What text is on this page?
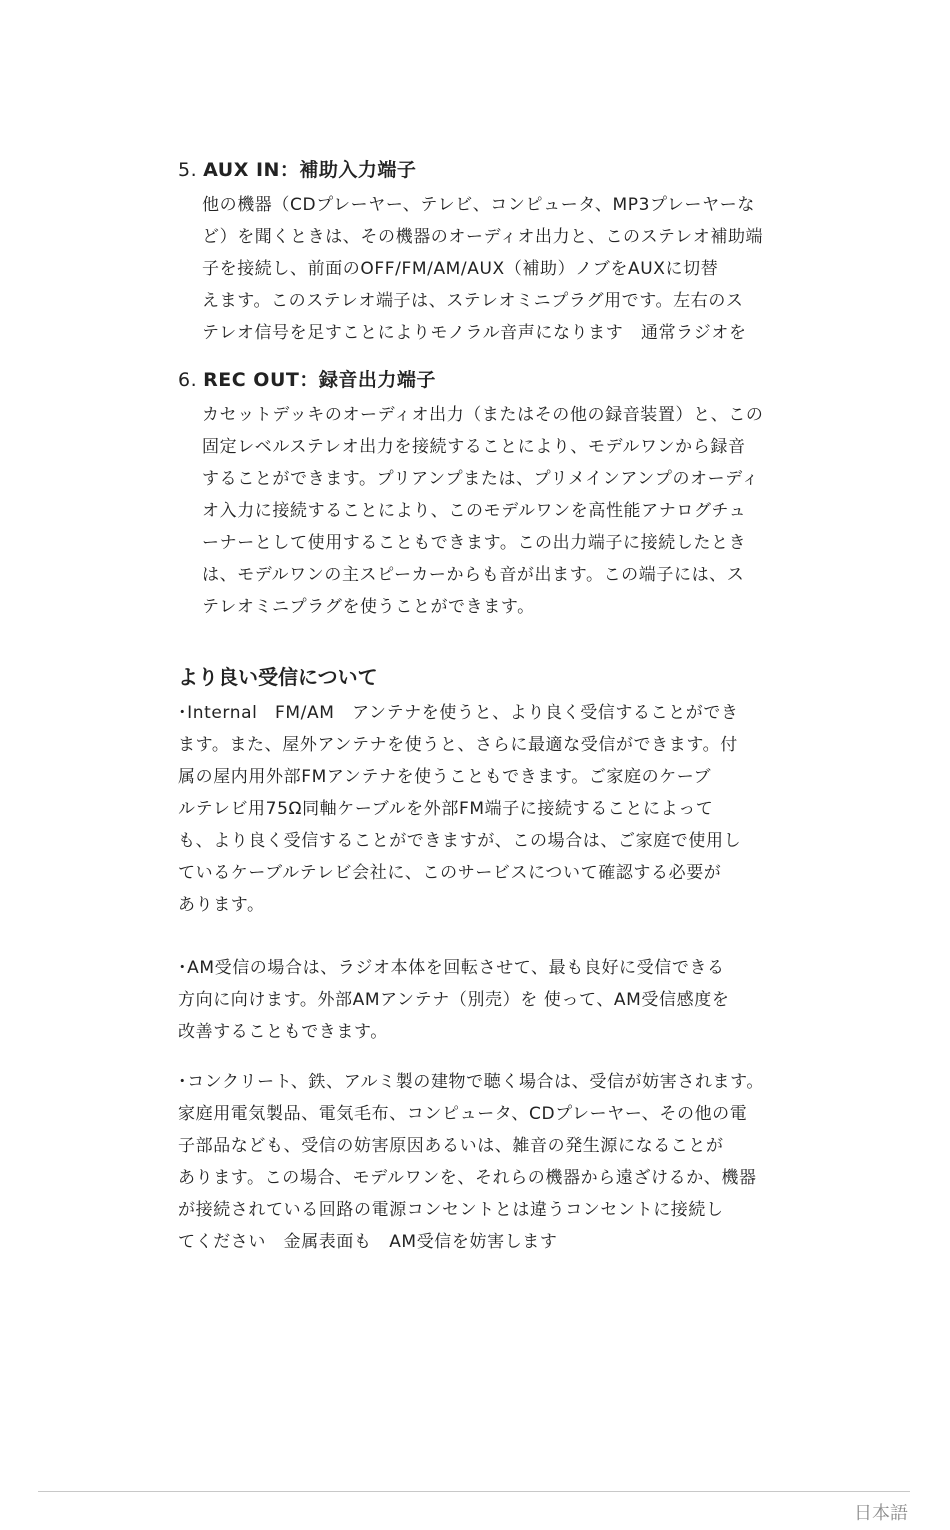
5. AUX IN：補助入力端子
他の機器（CDプレーヤー、テレビ、コンピュータ、MP3プレーヤーな
ど）を聞くときは、その機器のオーディオ出力と、このステレオ補助端
子を接続し、前面のOFF/FM/AM/AUX（補助）ノブをAUXに切替
えます。このステレオ端子は、ステレオミニプラグ用です。左右のス
テレオ信号を足すことによりモノラル音声になります　通常ラジオを
6. REC OUT：録音出力端子
カセットデッキのオーディオ出力（またはその他の録音装置）と、この
固定レベルステレオ出力を接続することにより、モデルワンから録音
することができます。プリアンプまたは、プリメインアンプのオーディ
オ入力に接続することにより、このモデルワンを高性能アナログチュ
ーナーとして使用することもできます。この出力端子に接続したとき
は、モデルワンの主スピーカーからも音が出ます。この端子には、ス
テレオミニプラグを使うことができます。
より良い受信について
･Internal　FM/AM　アンテナを使うと、より良く受信することができ
ます。また、屋外アンテナを使うと、さらに最適な受信ができます。付
属の屋内用外部FMアンテナを使うこともできます。ご家庭のケーブ
ルテレビ用75Ω同軸ケーブルを外部FM端子に接続することによって
も、より良く受信することができますが、この場合は、ご家庭で使用し
ているケーブルテレビ会社に、このサービスについて確認する必要が
あります。
･AM受信の場合は、ラジオ本体を回転させて、最も良好に受信できる
方向に向けます。外部AMアンテナ（別売）を 使って、AM受信感度を
改善することもできます。
･コンクリート、鉄、アルミ製の建物で聴く場合は、受信が妨害されます。
家庭用電気製品、電気毛布、コンピュータ、CDプレーヤー、その他の電
子部品なども、受信の妨害原因あるいは、雑音の発生源になることが
あります。この場合、モデルワンを、それらの機器から遠ざけるか、機器
が接続されている回路の電源コンセントとは違うコンセントに接続し
てください　金属表面も　AM受信を妨害します
日本語
